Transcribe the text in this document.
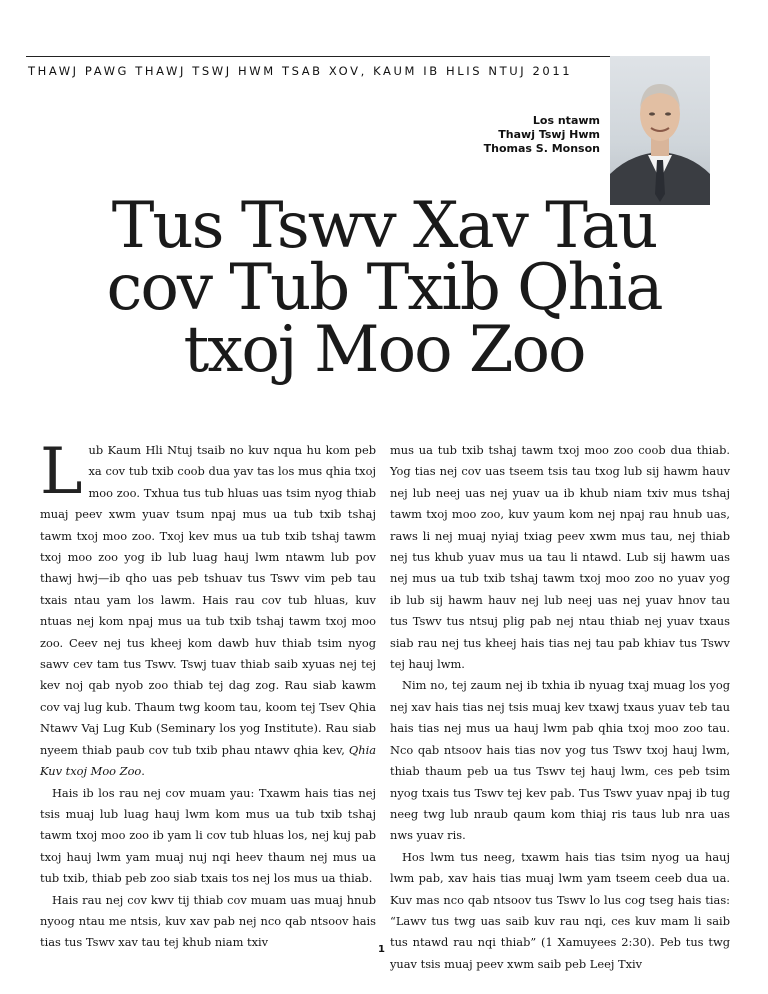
THAWJ PAWG THAWJ TSWJ HWM TSAB XOV, KAUM IB HLIS NTUJ 2011
Los ntawm
Thawj Tswj Hwm
Thomas S. Monson
Tus Tswv Xav Tau
cov Tub Txib Qhia
txoj Moo Zoo

Lub Kaum Hli Ntuj tsaib no kuv nqua hu kom peb xa cov tub txib coob dua yav tas los mus qhia txoj moo zoo. Txhua tus tub hluas uas tsim nyog thiab muaj peev xwm yuav tsum npaj mus ua tub txib tshaj tawm txoj moo zoo. Txoj kev mus ua tub txib tshaj tawm txoj moo zoo yog ib lub luag hauj lwm ntawm lub pov thawj hwj—ib qho uas peb tshuav tus Tswv vim peb tau txais ntau yam los lawm. Hais rau cov tub hluas, kuv ntuas nej kom npaj mus ua tub txib tshaj tawm txoj moo zoo. Ceev nej tus kheej kom dawb huv thiab tsim nyog sawv cev tam tus Tswv. Tswj tuav thiab saib xyuas nej tej kev noj qab nyob zoo thiab tej dag zog. Rau siab kawm cov vaj lug kub. Thaum twg koom tau, koom tej Tsev Qhia Ntawv Vaj Lug Kub (Seminary los yog Institute). Rau siab nyeem thiab paub cov tub txib phau ntawv qhia kev, Qhia Kuv txoj Moo Zoo.

Hais ib los rau nej cov muam yau: Txawm hais tias nej tsis muaj lub luag hauj lwm kom mus ua tub txib tshaj tawm txoj moo zoo ib yam li cov tub hluas los, nej kuj pab txoj hauj lwm yam muaj nuj nqi heev thaum nej mus ua tub txib, thiab peb zoo siab txais tos nej los mus ua thiab.

Hais rau nej cov kwv tij thiab cov muam uas muaj hnub nyoog ntau me ntsis, kuv xav pab nej nco qab ntsoov hais tias tus Tswv xav tau tej khub niam txiv

mus ua tub txib tshaj tawm txoj moo zoo coob dua thiab. Yog tias nej cov uas tseem tsis tau txog lub sij hawm hauv nej lub neej uas nej yuav ua ib khub niam txiv mus tshaj tawm txoj moo zoo, kuv yaum kom nej npaj rau hnub uas, raws li nej muaj nyiaj txiag peev xwm mus tau, nej thiab nej tus khub yuav mus ua tau li ntawd. Lub sij hawm uas nej mus ua tub txib tshaj tawm txoj moo zoo no yuav yog ib lub sij hawm hauv nej lub neej uas nej yuav hnov tau tus Tswv tus ntsuj plig pab nej ntau thiab nej yuav txaus siab rau nej tus kheej hais tias nej tau pab khiav tus Tswv tej hauj lwm.

Nim no, tej zaum nej ib txhia ib nyuag txaj muag los yog nej xav hais tias nej tsis muaj kev txawj txaus yuav teb tau hais tias nej mus ua hauj lwm pab qhia txoj moo zoo tau. Nco qab ntsoov hais tias nov yog tus Tswv txoj hauj lwm, thiab thaum peb ua tus Tswv tej hauj lwm, ces peb tsim nyog txais tus Tswv tej kev pab. Tus Tswv yuav npaj ib tug neeg twg lub nraub qaum kom thiaj ris taus lub nra uas nws yuav ris.

Hos lwm tus neeg, txawm hais tias tsim nyog ua hauj lwm pab, xav hais tias muaj lwm yam tseem ceeb dua ua. Kuv mas nco qab ntsoov tus Tswv lo lus cog tseg hais tias: “Lawv tus twg uas saib kuv rau nqi, ces kuv mam li saib tus ntawd rau nqi thiab” (1 Xamuyees 2:30). Peb tus twg yuav tsis muaj peev xwm saib peb Leej Txiv

1
